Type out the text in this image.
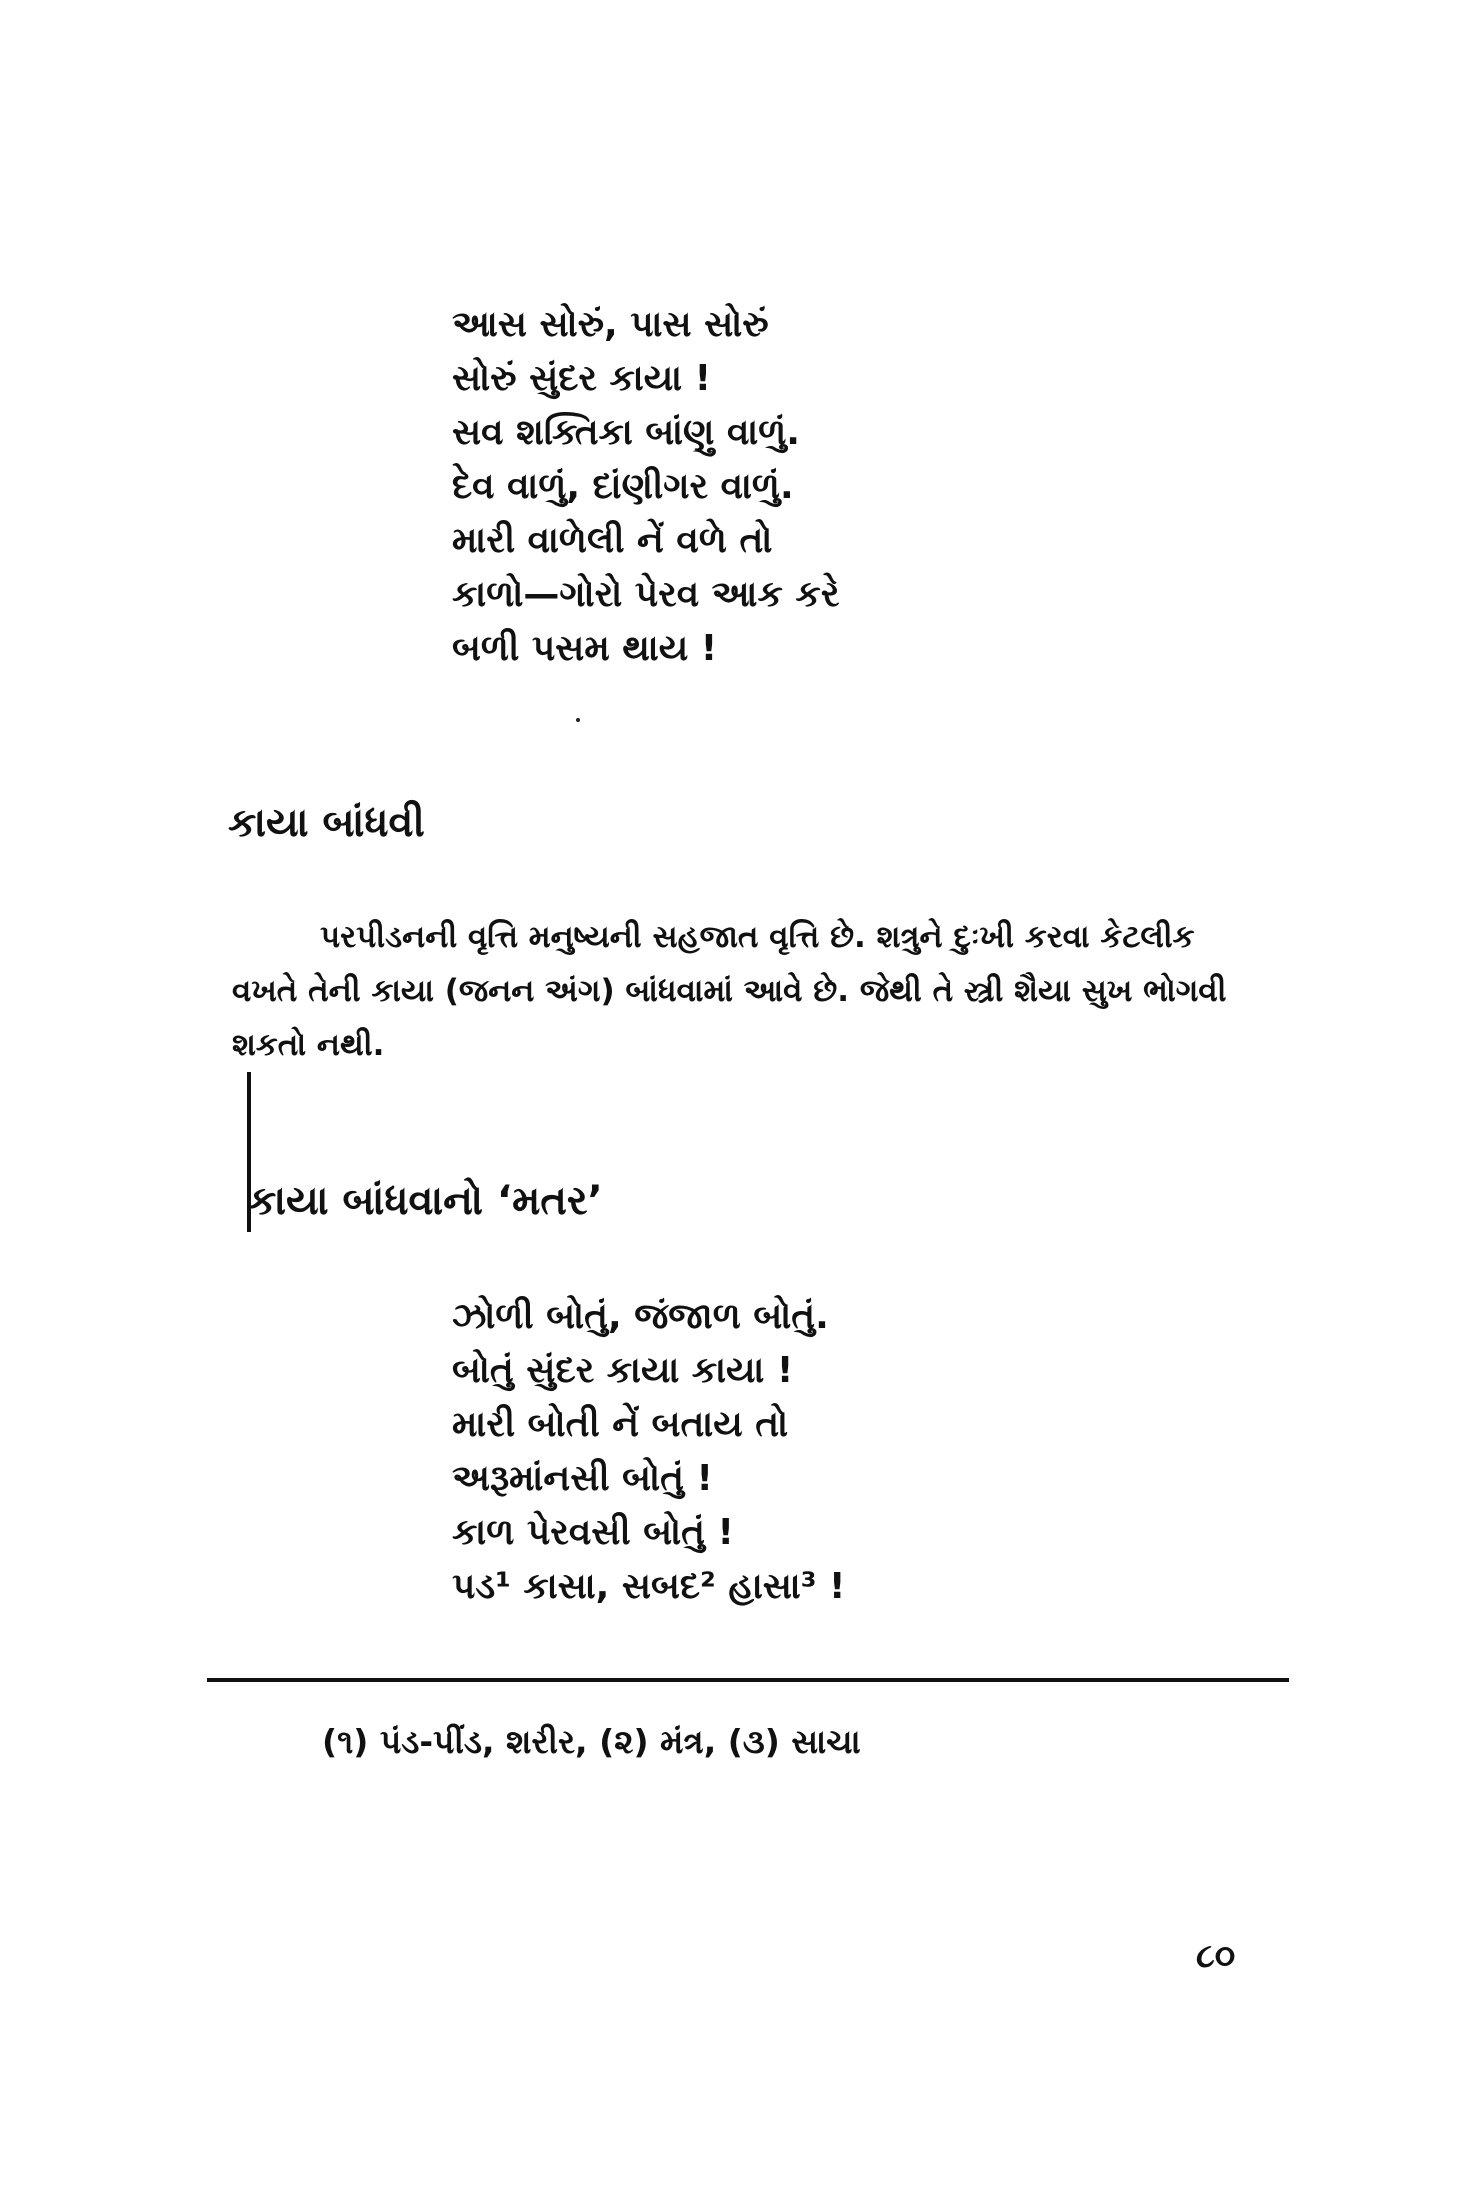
આસ સોરું, પાસ સોરું
સોરું સુંદર કાયા !
સવ શક્તિકા બાંણુ વાળું.
દેવ વાળું, દાંણીગર વાળું.
મારી વાળેલી નેં વળે તો
કાળો—ગોરો પેરવ આક કરે
બળી પસમ થાય !
કાયા બાંધવી

પરપીડનની વૃત્તિ મનુષ્યની સહજાત વૃત્તિ છે. શત્રુને દુઃખી કરવા કેટલીક વખતે તેની કાયા (જનન અંગ) બાંધવામાં આવે છે. જેથી તે સ્ત્રી શૈયા સુખ ભોગવી શકતો નથી.

કાયા બાંધવાનો ‘મતર’
ઝોળી બોતું, જંજાળ બોતું.
બોતું સુંદર કાયા કાયા !
મારી બોતી નેં બતાય તો
અરૂમાંનસી બોતું !
કાળ પેરવસી બોતું !
પડ¹ કાસા, સબદ² હાસા³ !

(૧) પંડ-પીંડ, શરીર, (૨) મંત્ર, (૩) સાચા

૮૦
